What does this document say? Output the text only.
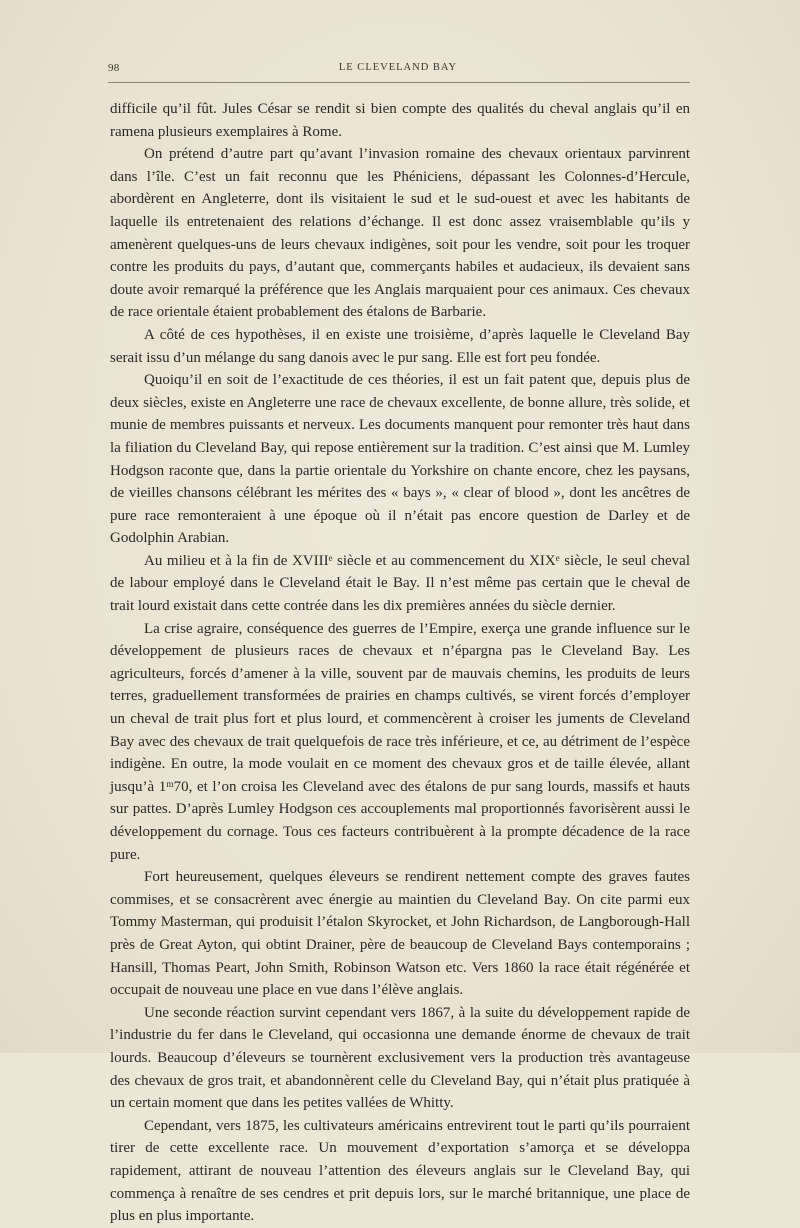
98	LE CLEVELAND BAY

difficile qu’il fût. Jules César se rendit si bien compte des qualités du cheval anglais qu’il en ramena plusieurs exemplaires à Rome.

On prétend d’autre part qu’avant l’invasion romaine des chevaux orientaux parvinrent dans l’île. C’est un fait reconnu que les Phéniciens, dépassant les Colonnes-d’Hercule, abordèrent en Angleterre, dont ils visitaient le sud et le sud-ouest et avec les habitants de laquelle ils entretenaient des relations d’échange. Il est donc assez vraisemblable qu’ils y amenèrent quelques-uns de leurs chevaux indigènes, soit pour les vendre, soit pour les troquer contre les produits du pays, d’autant que, commerçants habiles et audacieux, ils devaient sans doute avoir remarqué la préférence que les Anglais marquaient pour ces animaux. Ces chevaux de race orientale étaient probablement des étalons de Barbarie.

A côté de ces hypothèses, il en existe une troisième, d’après laquelle le Cleveland Bay serait issu d’un mélange du sang danois avec le pur sang. Elle est fort peu fondée.

Quoiqu’il en soit de l’exactitude de ces théories, il est un fait patent que, depuis plus de deux siècles, existe en Angleterre une race de chevaux excellente, de bonne allure, très solide, et munie de membres puissants et nerveux. Les documents manquent pour remonter très haut dans la filiation du Cleveland Bay, qui repose entièrement sur la tradition. C’est ainsi que M. Lumley Hodgson raconte que, dans la partie orientale du Yorkshire on chante encore, chez les paysans, de vieilles chansons célébrant les mérites des « bays », « clear of blood », dont les ancêtres de pure race remonteraient à une époque où il n’était pas encore question de Darley et de Godolphin Arabian.

Au milieu et à la fin de XVIIIᵉ siècle et au commencement du XIXᵉ siècle, le seul cheval de labour employé dans le Cleveland était le Bay. Il n’est même pas certain que le cheval de trait lourd existait dans cette contrée dans les dix premières années du siècle dernier.

La crise agraire, conséquence des guerres de l’Empire, exerça une grande influence sur le développement de plusieurs races de chevaux et n’épargna pas le Cleveland Bay. Les agriculteurs, forcés d’amener à la ville, souvent par de mauvais chemins, les produits de leurs terres, graduellement transformées de prairies en champs cultivés, se virent forcés d’employer un cheval de trait plus fort et plus lourd, et commencèrent à croiser les juments de Cleveland Bay avec des chevaux de trait quelquefois de race très inférieure, et ce, au détriment de l’espèce indigène. En outre, la mode voulait en ce moment des chevaux gros et de taille élevée, allant jusqu’à 1ᵐ70, et l’on croisa les Cleveland avec des étalons de pur sang lourds, massifs et hauts sur pattes. D’après Lumley Hodgson ces accouplements mal proportionnés favorisèrent aussi le développement du cornage. Tous ces facteurs contribuèrent à la prompte décadence de la race pure.

Fort heureusement, quelques éleveurs se rendirent nettement compte des graves fautes commises, et se consacrèrent avec énergie au maintien du Cleveland Bay. On cite parmi eux Tommy Masterman, qui produisit l’étalon Skyrocket, et John Richardson, de Langborough-Hall près de Great Ayton, qui obtint Drainer, père de beaucoup de Cleveland Bays contemporains ; Hansill, Thomas Peart, John Smith, Robinson Watson etc. Vers 1860 la race était régénérée et occupait de nouveau une place en vue dans l’élève anglais.

Une seconde réaction survint cependant vers 1867, à la suite du développement rapide de l’industrie du fer dans le Cleveland, qui occasionna une demande énorme de chevaux de trait lourds. Beaucoup d’éleveurs se tournèrent exclusivement vers la production très avantageuse des chevaux de gros trait, et abandonnèrent celle du Cleveland Bay, qui n’était plus pratiquée à un certain moment que dans les petites vallées de Whitty.

Cependant, vers 1875, les cultivateurs américains entrevirent tout le parti qu’ils pourraient tirer de cette excellente race. Un mouvement d’exportation s’amorça et se développa rapidement, attirant de nouveau l’attention des éleveurs anglais sur le Cleveland Bay, qui commença à renaître de ses cendres et prit depuis lors, sur le marché britannique, une place de plus en plus importante.
